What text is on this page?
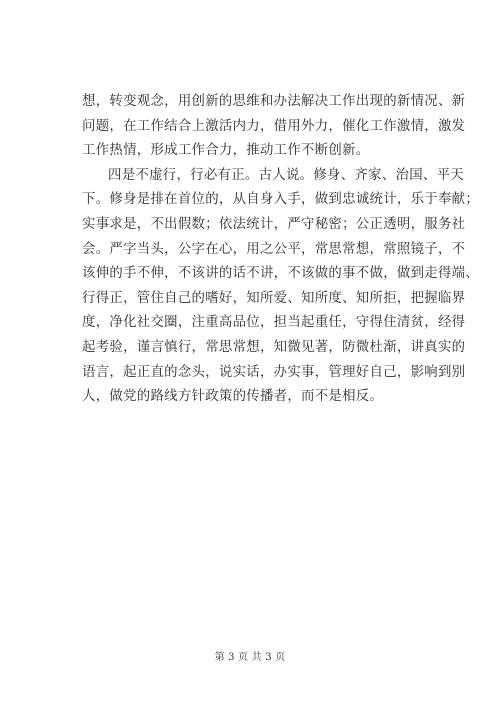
想，转变观念，用创新的思维和办法解决工作出现的新情况、新
问题，在工作结合上激活内力，借用外力，催化工作激情，激发
工作热情，形成工作合力，推动工作不断创新。
四是不虚行，行必有正。古人说。修身、齐家、治国、平天
下。修身是排在首位的，从自身入手，做到忠诚统计，乐于奉献；
实事求是，不出假数；依法统计，严守秘密；公正透明，服务社
会。严字当头，公字在心，用之公平，常思常想，常照镜子，不
该伸的手不伸，不该讲的话不讲，不该做的事不做，做到走得端、
行得正，管住自己的嗜好，知所爱、知所度、知所拒，把握临界
度，净化社交圈，注重高品位，担当起重任，守得住清贫，经得
起考验，谨言慎行，常思常想，知微见著，防微杜渐，讲真实的
语言，起正直的念头，说实话，办实事，管理好自己，影响到别
人，做党的路线方针政策的传播者，而不是相反。
第 3 页 共 3 页
